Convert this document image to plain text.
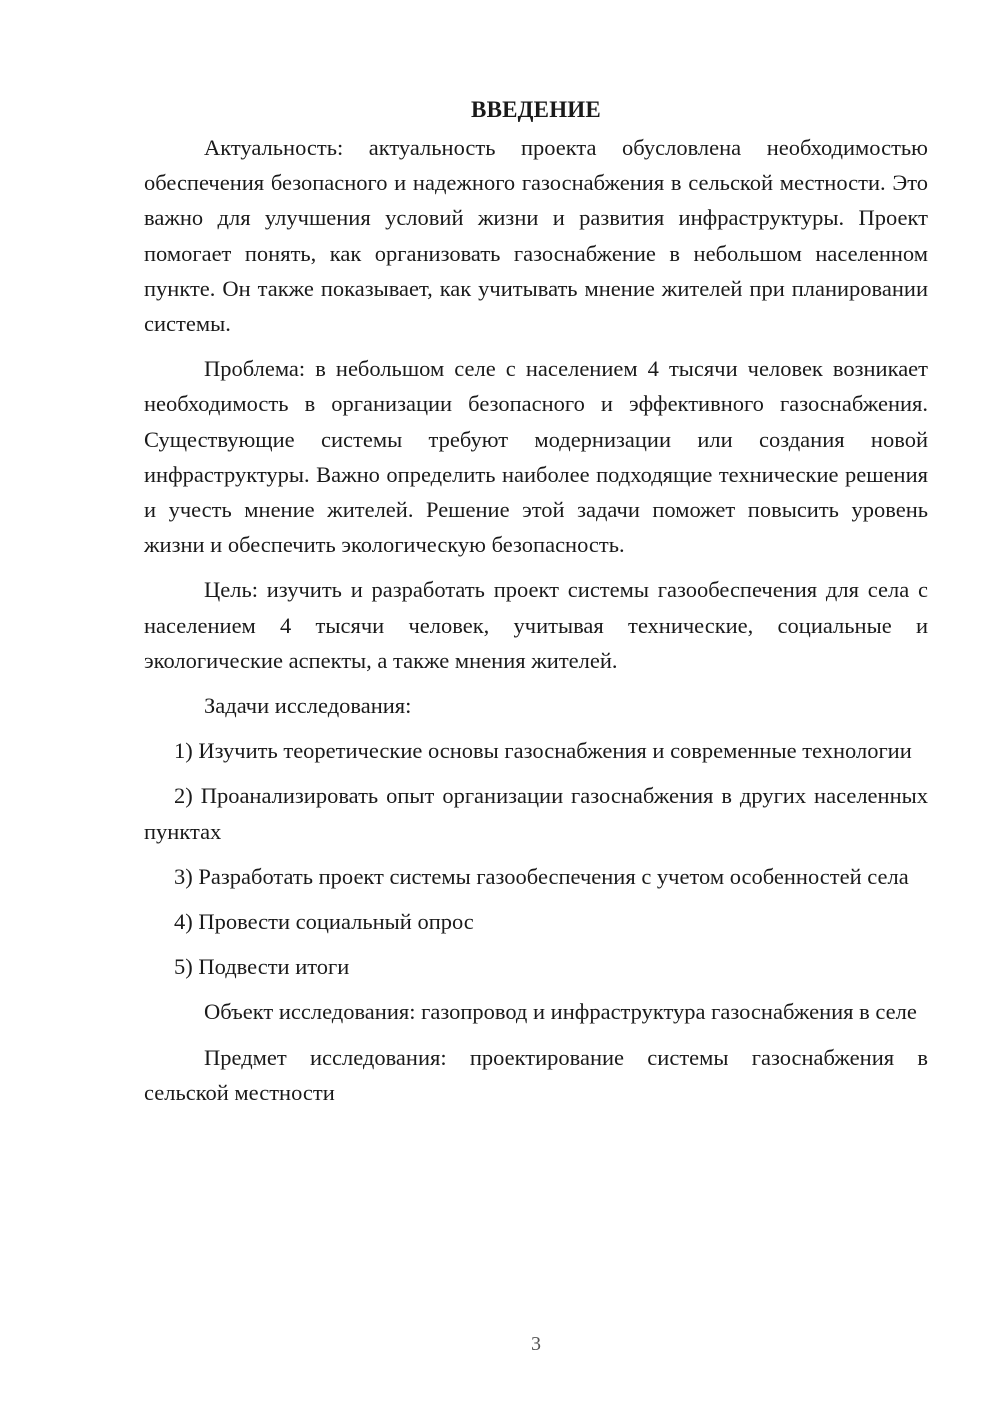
ВВЕДЕНИЕ

Актуальность: актуальность проекта обусловлена необходимостью обеспечения безопасного и надежного газоснабжения в сельской местности. Это важно для улучшения условий жизни и развития инфраструктуры. Проект помогает понять, как организовать газоснабжение в небольшом населенном пункте. Он также показывает, как учитывать мнение жителей при планировании системы.

Проблема: в небольшом селе с населением 4 тысячи человек возникает необходимость в организации безопасного и эффективного газоснабжения. Существующие системы требуют модернизации или создания новой инфраструктуры. Важно определить наиболее подходящие технические решения и учесть мнение жителей. Решение этой задачи поможет повысить уровень жизни и обеспечить экологическую безопасность.

Цель: изучить и разработать проект системы газообеспечения для села с населением 4 тысячи человек, учитывая технические, социальные и экологические аспекты, а также мнения жителей.

Задачи исследования:

1) Изучить теоретические основы газоснабжения и современные технологии

2) Проанализировать опыт организации газоснабжения в других населенных пунктах

3) Разработать проект системы газообеспечения с учетом особенностей села

4) Провести социальный опрос

5) Подвести итоги

Объект исследования: газопровод и инфраструктура газоснабжения в селе

Предмет исследования: проектирование системы газоснабжения в сельской местности

3
